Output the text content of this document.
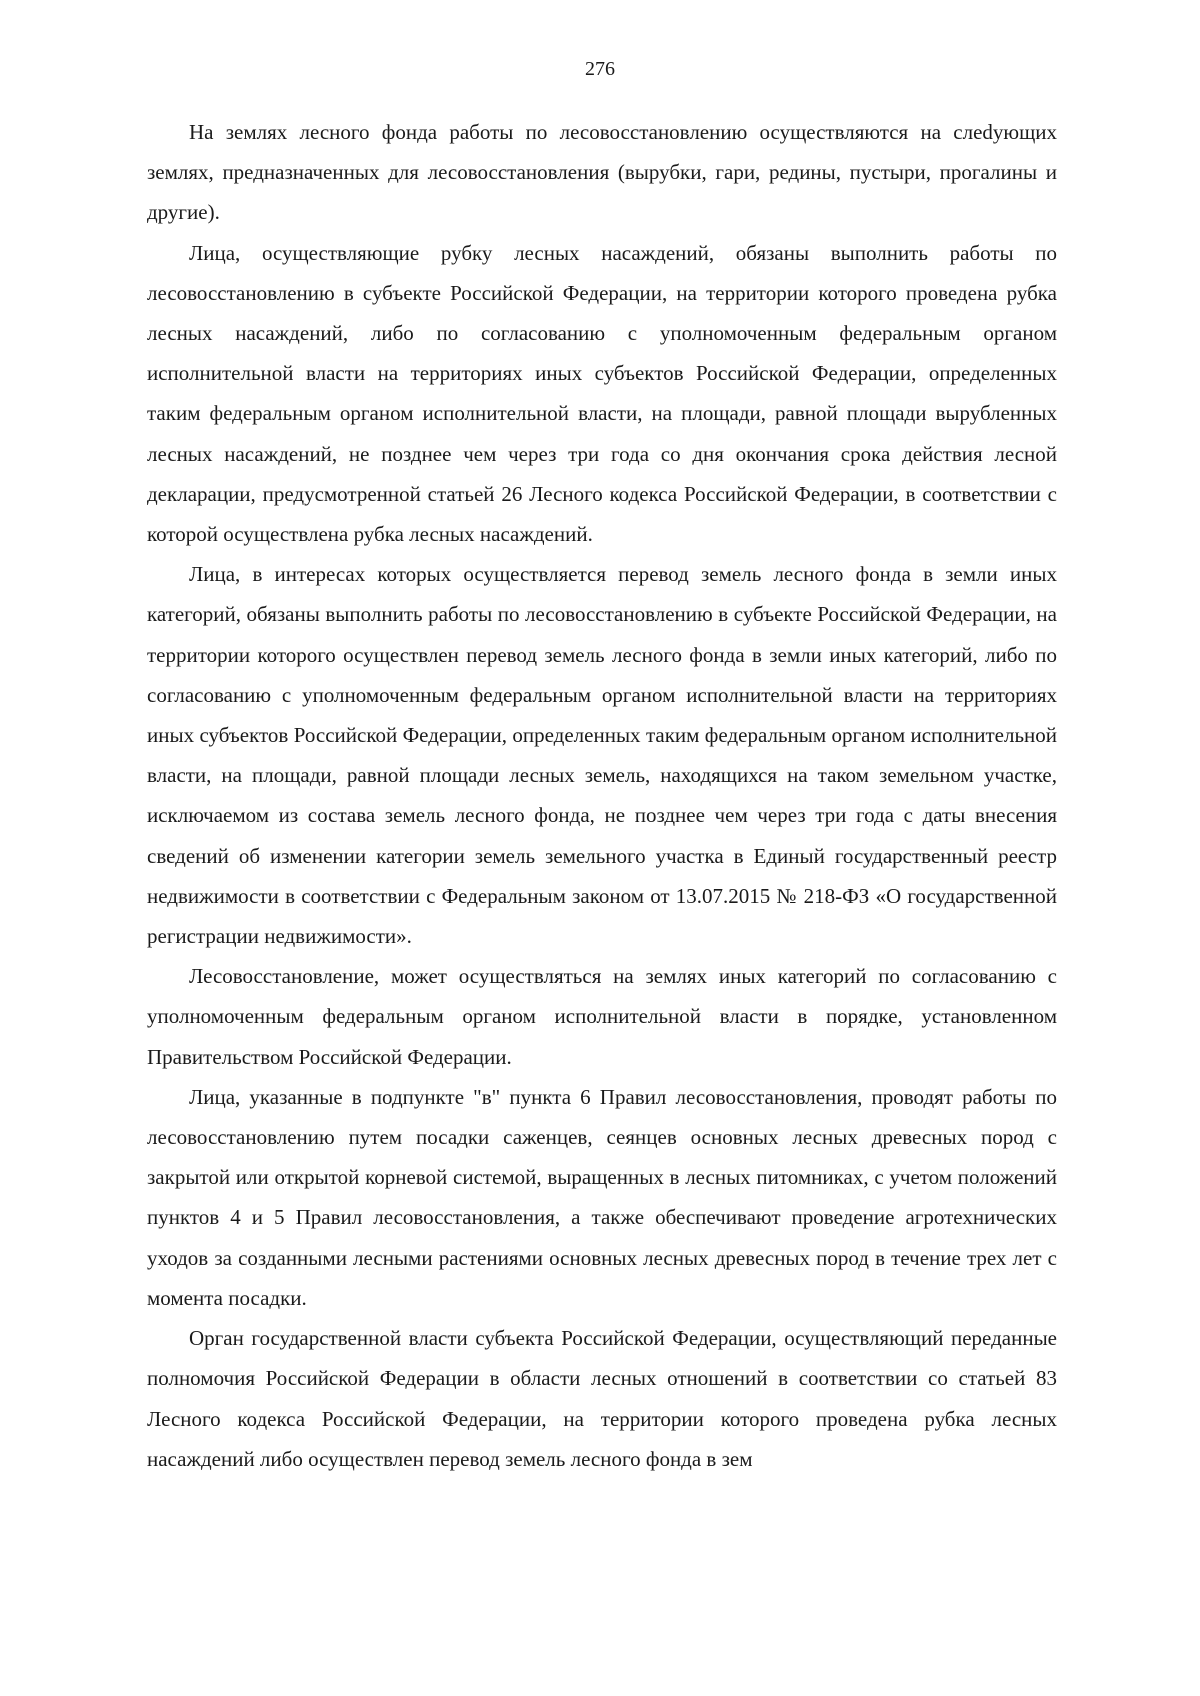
276

На землях лесного фонда работы по лесовосстановлению осуществляются на слеdующих землях, предназначенных для лесовосстановления (вырубки, гари, редины, пустыри, прогалины и другие).

Лица, осуществляющие рубку лесных насаждений, обязаны выполнить работы по лесовосстановлению в субъекте Российской Федерации, на территории которого проведена рубка лесных насаждений, либо по согласованию с уполномоченным федеральным органом исполнительной власти на территориях иных субъектов Российской Федерации, определенных таким федеральным органом исполнительной власти, на площади, равной площади вырубленных лесных насаждений, не позднее чем через три года со дня окончания срока действия лесной декларации, предусмотренной статьей 26 Лесного кодекса Российской Федерации, в соответствии с которой осуществлена рубка лесных насаждений.

Лица, в интересах которых осуществляется перевод земель лесного фонда в земли иных категорий, обязаны выполнить работы по лесовосстановлению в субъекте Российской Федерации, на территории которого осуществлен перевод земель лесного фонда в земли иных категорий, либо по согласованию с уполномоченным федеральным органом исполнительной власти на территориях иных субъектов Российской Федерации, определенных таким федеральным органом исполнительной власти, на площади, равной площади лесных земель, находящихся на таком земельном участке, исключаемом из состава земель лесного фонда, не позднее чем через три года с даты внесения сведений об изменении категории земель земельного участка в Единый государственный реестр недвижимости в соответствии с Федеральным законом от 13.07.2015 № 218-ФЗ «О государственной регистрации недвижимости».

Лесовосстановление, может осуществляться на землях иных категорий по согласованию с уполномоченным федеральным органом исполнительной власти в порядке, установленном Правительством Российской Федерации.

Лица, указанные в подпункте "в" пункта 6 Правил лесовосстановления, проводят работы по лесовосстановлению путем посадки саженцев, сеянцев основных лесных древесных пород с закрытой или открытой корневой системой, выращенных в лесных питомниках, с учетом положений пунктов 4 и 5 Правил лесовосстановления, а также обеспечивают проведение агротехнических уходов за созданными лесными растениями основных лесных древесных пород в течение трех лет с момента посадки.

Орган государственной власти субъекта Российской Федерации, осуществляющий переданные полномочия Российской Федерации в области лесных отношений в соответствии со статьей 83 Лесного кодекса Российской Федерации, на территории которого проведена рубка лесных насаждений либо осуществлен перевод земель лесного фонда в зем
